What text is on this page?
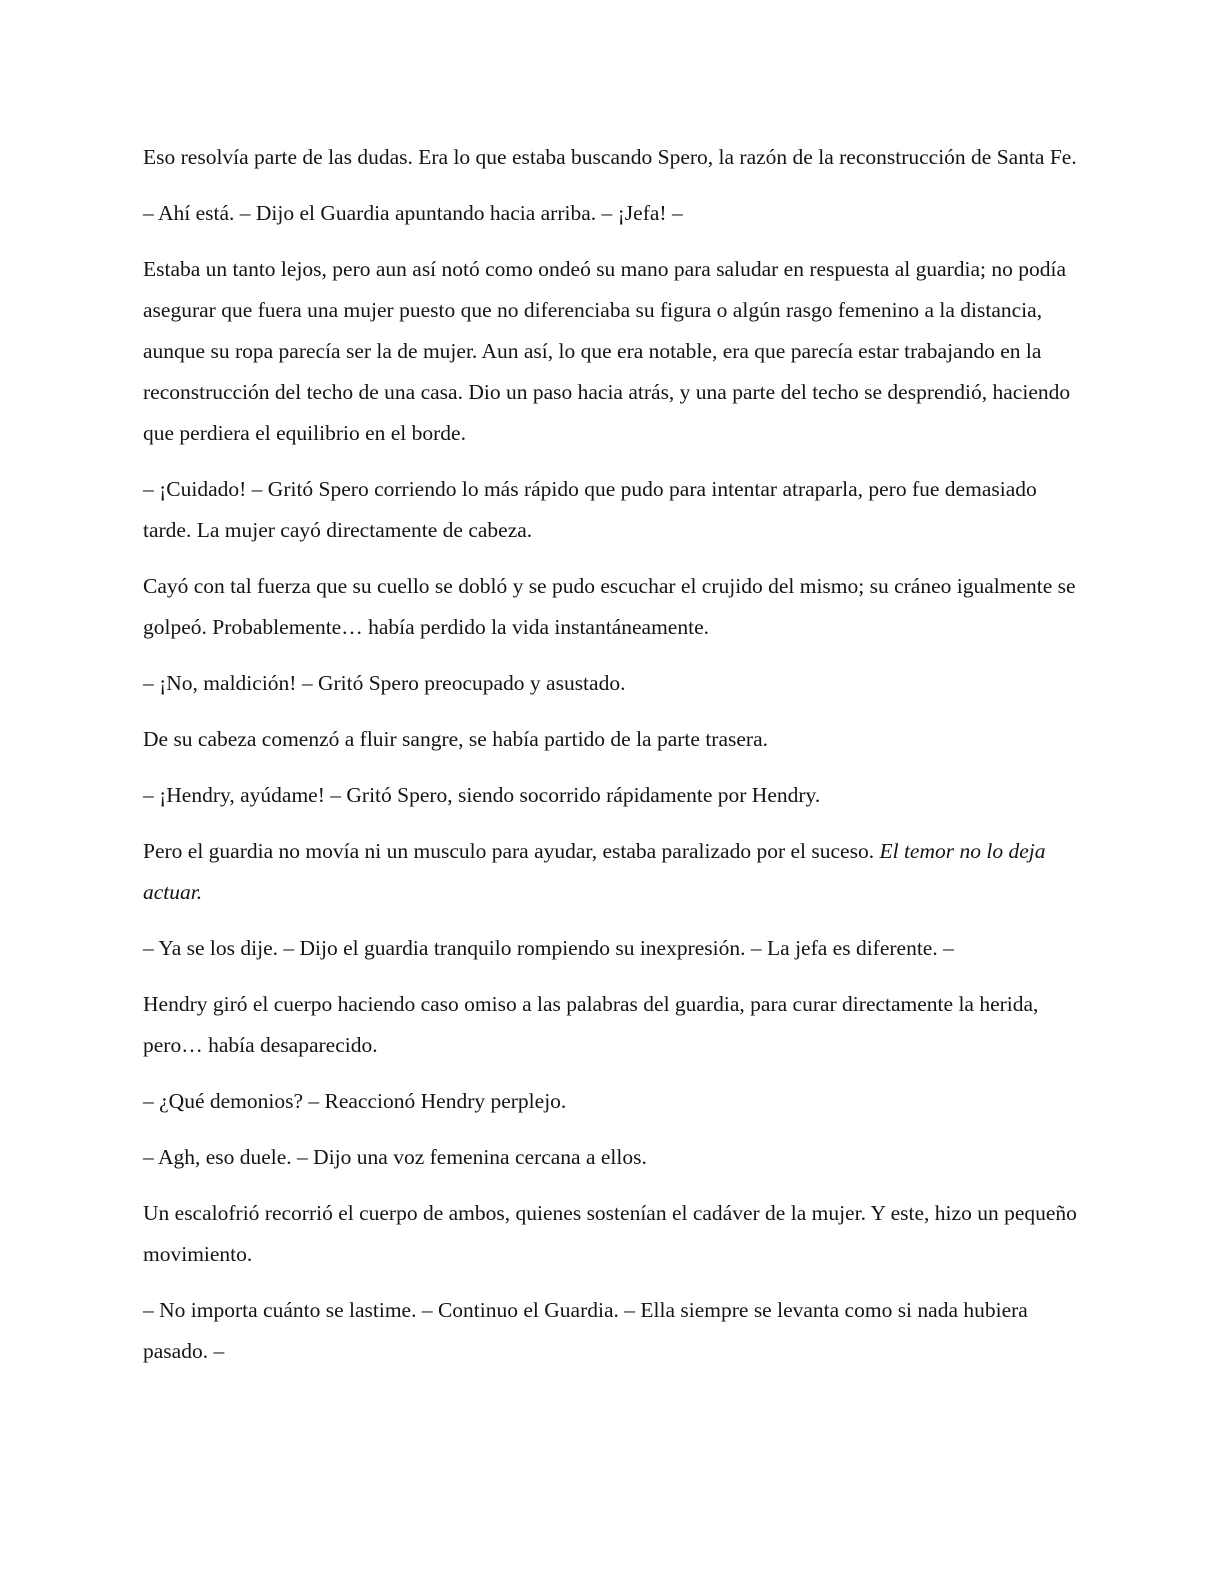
Eso resolvía parte de las dudas. Era lo que estaba buscando Spero, la razón de la reconstrucción de Santa Fe.

– Ahí está. – Dijo el Guardia apuntando hacia arriba. – ¡Jefa! –

Estaba un tanto lejos, pero aun así notó como ondeó su mano para saludar en respuesta al guardia; no podía asegurar que fuera una mujer puesto que no diferenciaba su figura o algún rasgo femenino a la distancia, aunque su ropa parecía ser la de mujer. Aun así, lo que era notable, era que parecía estar trabajando en la reconstrucción del techo de una casa. Dio un paso hacia atrás, y una parte del techo se desprendió, haciendo que perdiera el equilibrio en el borde.

– ¡Cuidado! – Gritó Spero corriendo lo más rápido que pudo para intentar atraparla, pero fue demasiado tarde. La mujer cayó directamente de cabeza.

Cayó con tal fuerza que su cuello se dobló y se pudo escuchar el crujido del mismo; su cráneo igualmente se golpeó. Probablemente… había perdido la vida instantáneamente.

– ¡No, maldición! – Gritó Spero preocupado y asustado.

De su cabeza comenzó a fluir sangre, se había partido de la parte trasera.

– ¡Hendry, ayúdame! – Gritó Spero, siendo socorrido rápidamente por Hendry.

Pero el guardia no movía ni un musculo para ayudar, estaba paralizado por el suceso. El temor no lo deja actuar.

– Ya se los dije. – Dijo el guardia tranquilo rompiendo su inexpresión. – La jefa es diferente. –

Hendry giró el cuerpo haciendo caso omiso a las palabras del guardia, para curar directamente la herida, pero… había desaparecido.

– ¿Qué demonios? – Reaccionó Hendry perplejo.

– Agh, eso duele. – Dijo una voz femenina cercana a ellos.

Un escalofrió recorrió el cuerpo de ambos, quienes sostenían el cadáver de la mujer. Y este, hizo un pequeño movimiento.

– No importa cuánto se lastime. – Continuo el Guardia. – Ella siempre se levanta como si nada hubiera pasado. –
